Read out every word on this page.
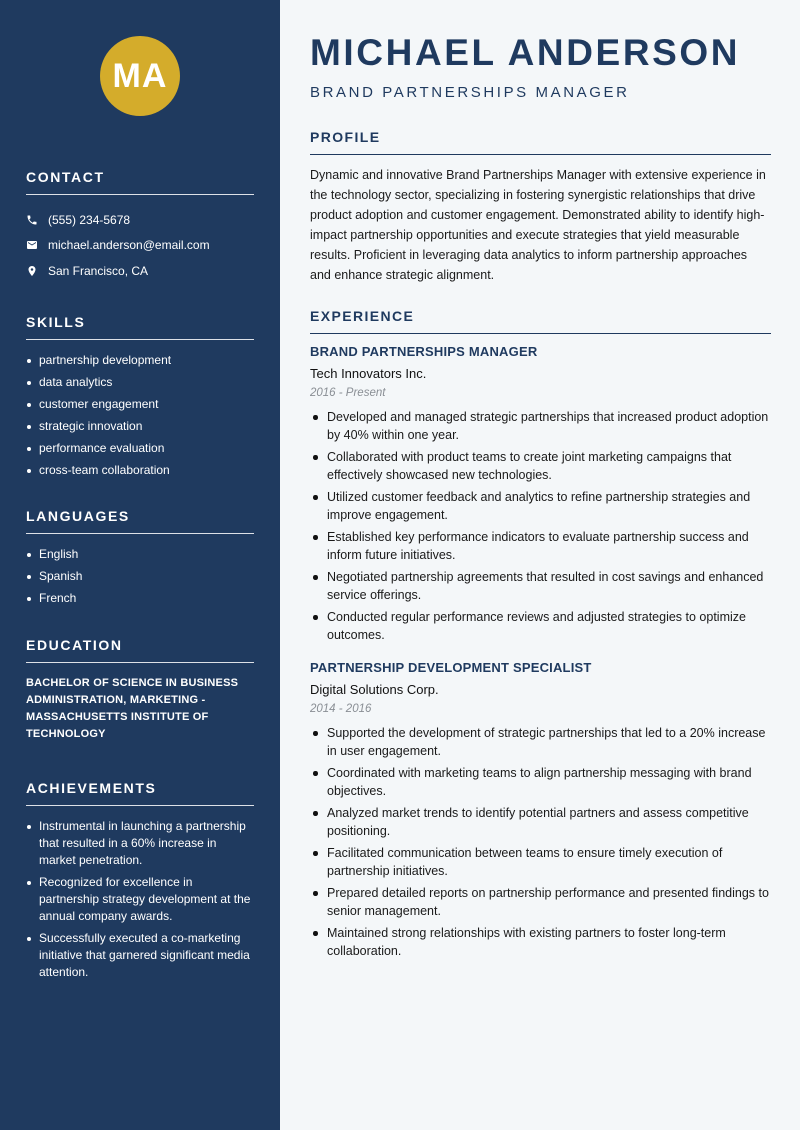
MA
CONTACT
(555) 234-5678
michael.anderson@email.com
San Francisco, CA
SKILLS
partnership development
data analytics
customer engagement
strategic innovation
performance evaluation
cross-team collaboration
LANGUAGES
English
Spanish
French
EDUCATION
BACHELOR OF SCIENCE IN BUSINESS ADMINISTRATION, MARKETING - MASSACHUSETTS INSTITUTE OF TECHNOLOGY
ACHIEVEMENTS
Instrumental in launching a partnership that resulted in a 60% increase in market penetration.
Recognized for excellence in partnership strategy development at the annual company awards.
Successfully executed a co-marketing initiative that garnered significant media attention.
MICHAEL ANDERSON
BRAND PARTNERSHIPS MANAGER
PROFILE

Dynamic and innovative Brand Partnerships Manager with extensive experience in the technology sector, specializing in fostering synergistic relationships that drive product adoption and customer engagement. Demonstrated ability to identify high-impact partnership opportunities and execute strategies that yield measurable results. Proficient in leveraging data analytics to inform partnership approaches and enhance strategic alignment.

EXPERIENCE
BRAND PARTNERSHIPS MANAGER
Tech Innovators Inc.
2016 - Present
Developed and managed strategic partnerships that increased product adoption by 40% within one year.
Collaborated with product teams to create joint marketing campaigns that effectively showcased new technologies.
Utilized customer feedback and analytics to refine partnership strategies and improve engagement.
Established key performance indicators to evaluate partnership success and inform future initiatives.
Negotiated partnership agreements that resulted in cost savings and enhanced service offerings.
Conducted regular performance reviews and adjusted strategies to optimize outcomes.
PARTNERSHIP DEVELOPMENT SPECIALIST
Digital Solutions Corp.
2014 - 2016
Supported the development of strategic partnerships that led to a 20% increase in user engagement.
Coordinated with marketing teams to align partnership messaging with brand objectives.
Analyzed market trends to identify potential partners and assess competitive positioning.
Facilitated communication between teams to ensure timely execution of partnership initiatives.
Prepared detailed reports on partnership performance and presented findings to senior management.
Maintained strong relationships with existing partners to foster long-term collaboration.
